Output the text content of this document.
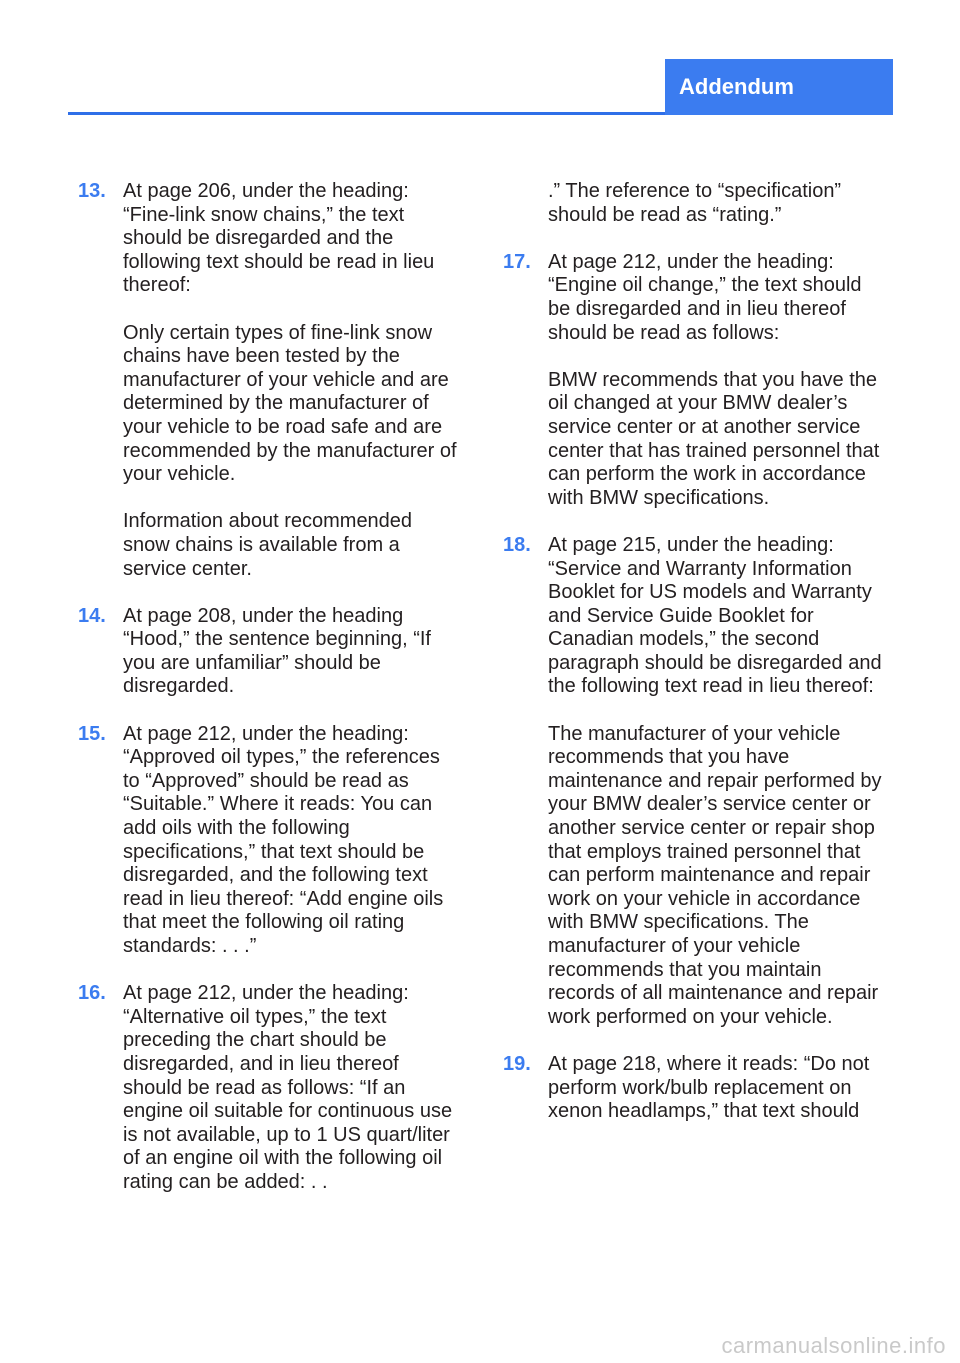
Addendum
13. At page 206, under the heading: “Fine-link snow chains,” the text should be disregarded and the following text should be read in lieu thereof:

Only certain types of fine-link snow chains have been tested by the manufacturer of your vehicle and are determined by the manufacturer of your vehicle to be road safe and are recommended by the manufacturer of your vehicle.

Information about recommended snow chains is available from a service center.

14. At page 208, under the heading “Hood,” the sentence beginning, “If you are unfamiliar” should be disregarded.

15. At page 212, under the heading: “Approved oil types,” the references to “Approved” should be read as “Suitable.” Where it reads: You can add oils with the following specifications,” that text should be disregarded, and the following text read in lieu thereof: “Add engine oils that meet the following oil rating standards: . . .”

16. At page 212, under the heading: “Alternative oil types,” the text preceding the chart should be disregarded, and in lieu thereof should be read as follows: “If an engine oil suitable for continuous use is not available, up to 1 US quart/liter of an engine oil with the following oil rating can be added: . .

.” The reference to “specification” should be read as “rating.”

17. At page 212, under the heading: “Engine oil change,” the text should be disregarded and in lieu thereof should be read as follows:

BMW recommends that you have the oil changed at your BMW dealer’s service center or at another service center that has trained personnel that can perform the work in accordance with BMW specifications.

18. At page 215, under the heading: “Service and Warranty Information Booklet for US models and Warranty and Service Guide Booklet for Canadian models,” the second paragraph should be disregarded and the following text read in lieu thereof:

The manufacturer of your vehicle recommends that you have maintenance and repair performed by your BMW dealer’s service center or another service center or repair shop that employs trained personnel that can perform maintenance and repair work on your vehicle in accordance with BMW specifications. The manufacturer of your vehicle recommends that you maintain records of all maintenance and repair work performed on your vehicle.

19. At page 218, where it reads: “Do not perform work/bulb replacement on xenon headlamps,” that text should

carmanualsonline.info
